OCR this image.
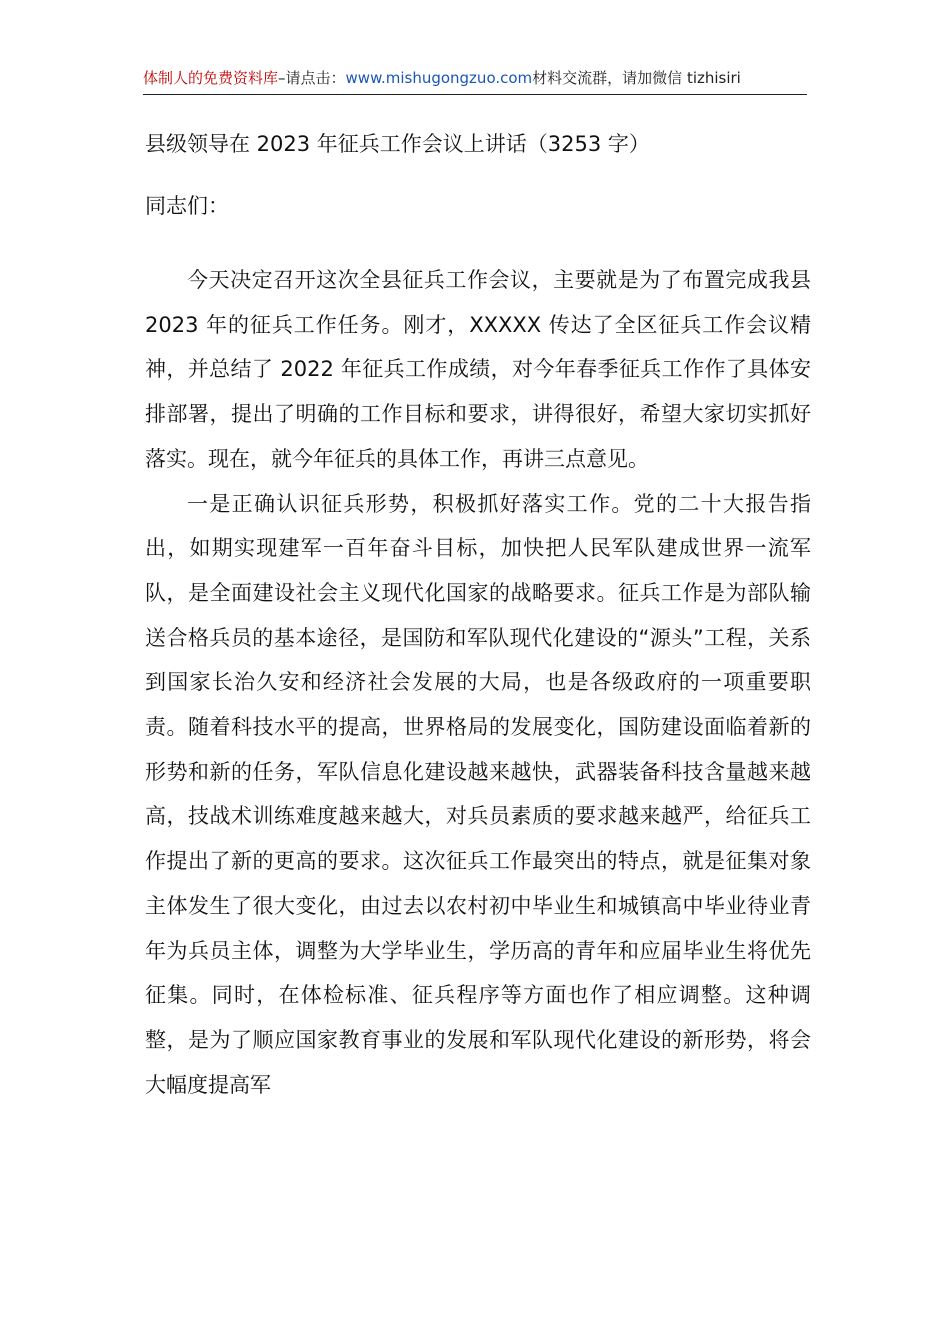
体制人的免费资料库–请点击：www.mishugongzuo.com材料交流群，请加微信 tizhisiri
县级领导在 2023 年征兵工作会议上讲话（3253 字）

同志们：

今天决定召开这次全县征兵工作会议，主要就是为了布置完成我县 2023 年的征兵工作任务。刚才，XXXXX 传达了全区征兵工作会议精神，并总结了 2022 年征兵工作成绩，对今年春季征兵工作作了具体安排部署，提出了明确的工作目标和要求，讲得很好，希望大家切实抓好落实。现在，就今年征兵的具体工作，再讲三点意见。

一是正确认识征兵形势，积极抓好落实工作。党的二十大报告指出，如期实现建军一百年奋斗目标，加快把人民军队建成世界一流军队，是全面建设社会主义现代化国家的战略要求。征兵工作是为部队输送合格兵员的基本途径，是国防和军队现代化建设的“源头”工程，关系到国家长治久安和经济社会发展的大局，也是各级政府的一项重要职责。随着科技水平的提高，世界格局的发展变化，国防建设面临着新的形势和新的任务，军队信息化建设越来越快，武器装备科技含量越来越高，技战术训练难度越来越大，对兵员素质的要求越来越严，给征兵工作提出了新的更高的要求。这次征兵工作最突出的特点，就是征集对象主体发生了很大变化，由过去以农村初中毕业生和城镇高中毕业待业青年为兵员主体，调整为大学毕业生，学历高的青年和应届毕业生将优先征集。同时，在体检标准、征兵程序等方面也作了相应调整。这种调整，是为了顺应国家教育事业的发展和军队现代化建设的新形势，将会大幅度提高军
